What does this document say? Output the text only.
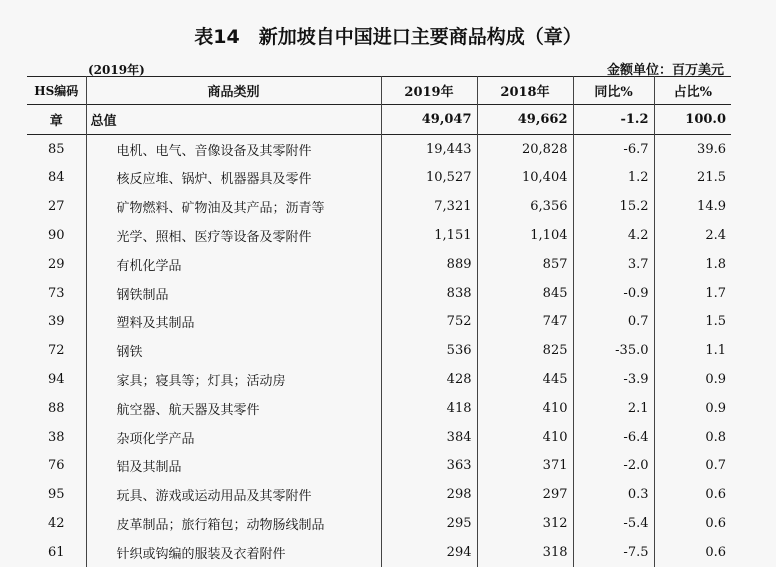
表14　新加坡自中国进口主要商品构成（章）
(2019年)	金额单位：百万美元
HS编码	商品类别	2019年	2018年	同比%	占比%
章	总值	49,047	49,662	-1.2	100.0
85	电机、电气、音像设备及其零附件	19,443	20,828	-6.7	39.6
84	核反应堆、锅炉、机器器具及零件	10,527	10,404	1.2	21.5
27	矿物燃料、矿物油及其产品；沥青等	7,321	6,356	15.2	14.9
90	光学、照相、医疗等设备及零附件	1,151	1,104	4.2	2.4
29	有机化学品	889	857	3.7	1.8
73	钢铁制品	838	845	-0.9	1.7
39	塑料及其制品	752	747	0.7	1.5
72	钢铁	536	825	-35.0	1.1
94	家具；寝具等；灯具；活动房	428	445	-3.9	0.9
88	航空器、航天器及其零件	418	410	2.1	0.9
38	杂项化学产品	384	410	-6.4	0.8
76	铝及其制品	363	371	-2.0	0.7
95	玩具、游戏或运动用品及其零附件	298	297	0.3	0.6
42	皮革制品；旅行箱包；动物肠线制品	295	312	-5.4	0.6
61	针织或钩编的服装及衣着附件	294	318	-7.5	0.6
